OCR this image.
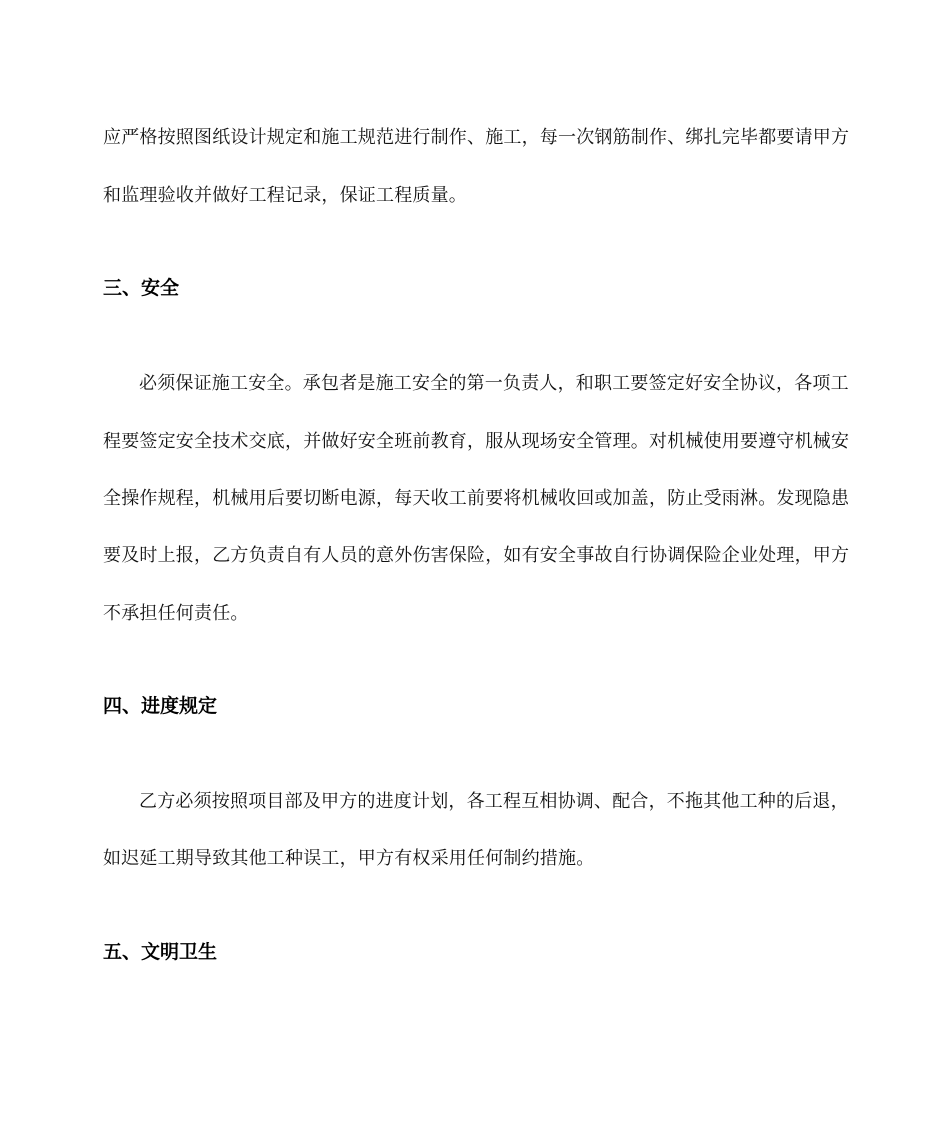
应严格按照图纸设计规定和施工规范进行制作、施工，每一次钢筋制作、绑扎完毕都要请甲方
和监理验收并做好工程记录，保证工程质量。
三、安全
必须保证施工安全。承包者是施工安全的第一负责人，和职工要签定好安全协议，各项工
程要签定安全技术交底，并做好安全班前教育，服从现场安全管理。对机械使用要遵守机械安
全操作规程，机械用后要切断电源，每天收工前要将机械收回或加盖，防止受雨淋。发现隐患
要及时上报，乙方负责自有人员的意外伤害保险，如有安全事故自行协调保险企业处理，甲方
不承担任何责任。
四、进度规定
乙方必须按照项目部及甲方的进度计划，各工程互相协调、配合，不拖其他工种的后退，
如迟延工期导致其他工种误工，甲方有权采用任何制约措施。
五、文明卫生
